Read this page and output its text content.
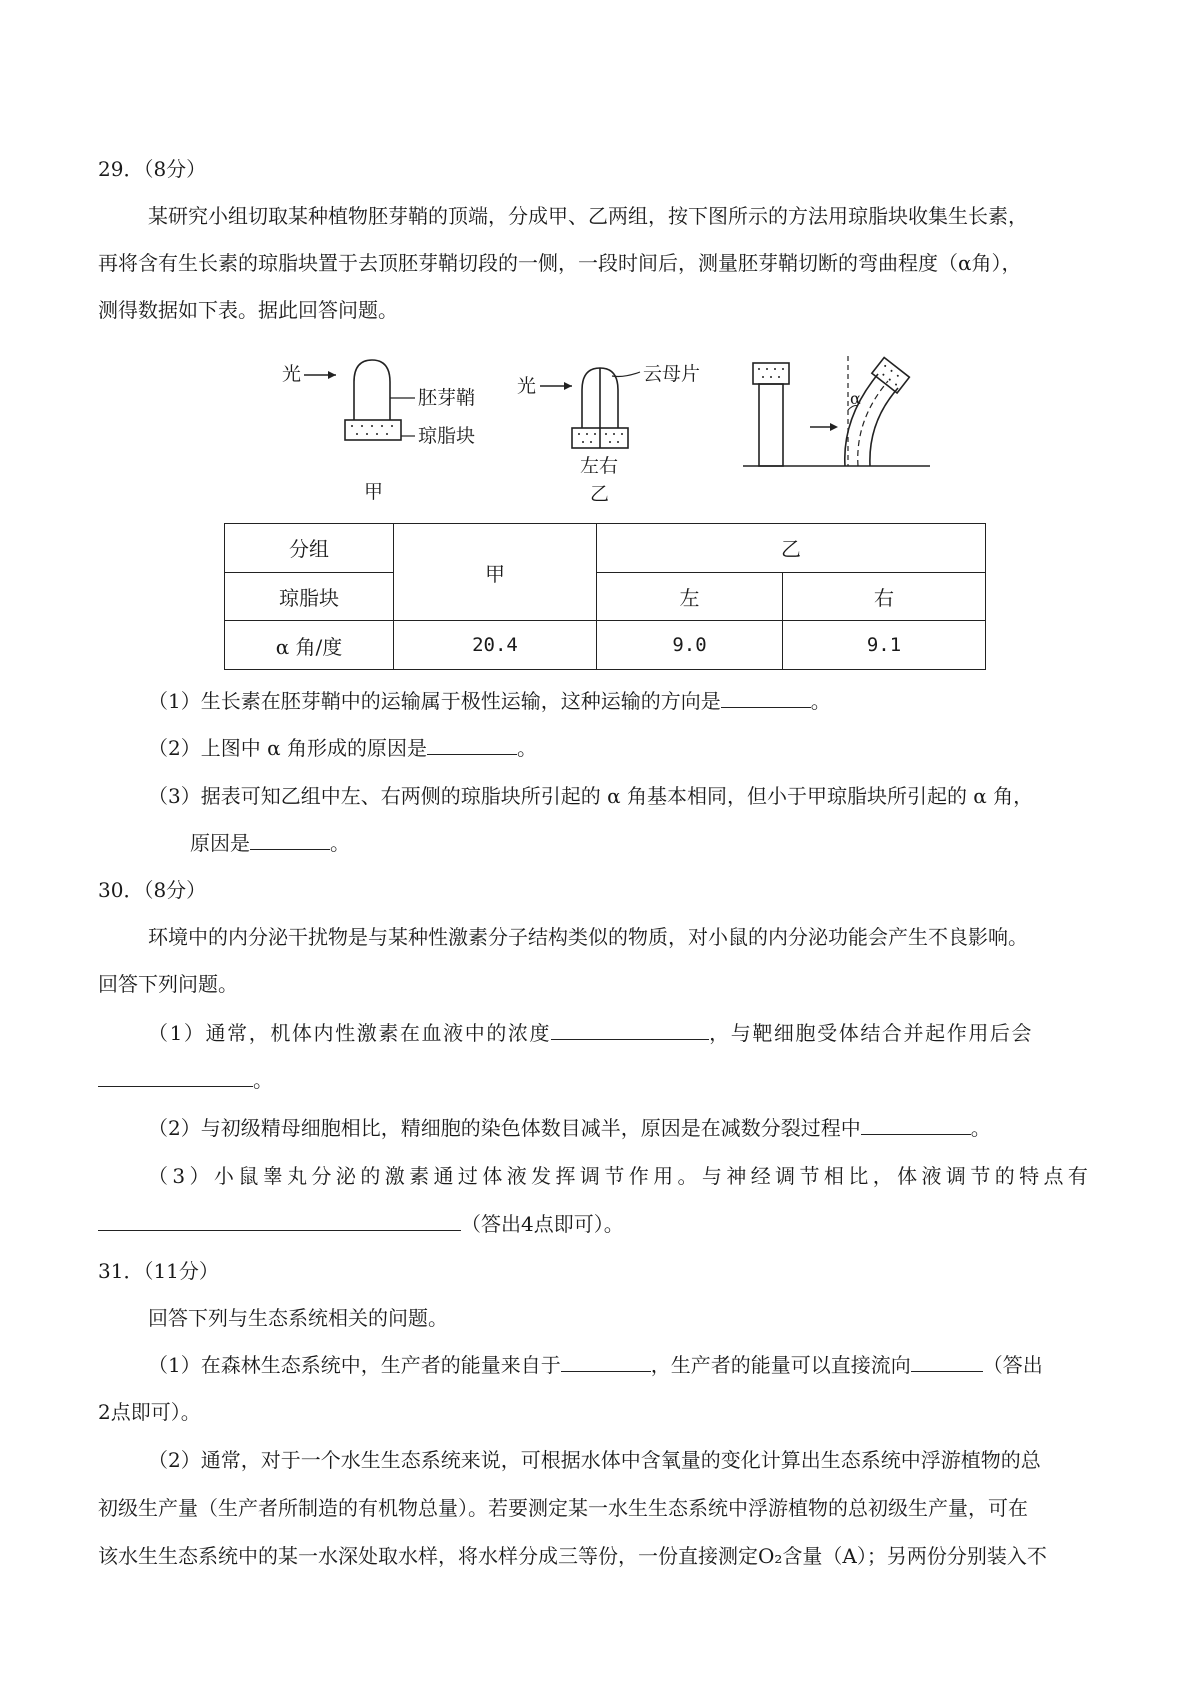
29．（8分）
某研究小组切取某种植物胚芽鞘的顶端，分成甲、乙两组，按下图所示的方法用琼脂块收集生长素，
再将含有生长素的琼脂块置于去顶胚芽鞘切段的一侧，一段时间后，测量胚芽鞘切断的弯曲程度（α角），
测得数据如下表。据此回答问题。
光
胚芽鞘
琼脂块
甲
光
云母片
左右
乙
α
分组	甲	乙	
琼脂块		左	右
α 角/度	20.4	9.0	9.1
（1）生长素在胚芽鞘中的运输属于极性运输，这种运输的方向是	。
（2）上图中 α 角形成的原因是	。
（3）据表可知乙组中左、右两侧的琼脂块所引起的 α 角基本相同，但小于甲琼脂块所引起的 α 角，
原因是	。
30．（8分）
环境中的内分泌干扰物是与某种性激素分子结构类似的物质，对小鼠的内分泌功能会产生不良影响。
回答下列问题。
（1）通常，机体内性激素在血液中的浓度	，与靶细胞受体结合并起作用后会
。
（2）与初级精母细胞相比，精细胞的染色体数目减半，原因是在减数分裂过程中	。
（3）小鼠睾丸分泌的激素通过体液发挥调节作用。与神经调节相比，体液调节的特点有
（答出4点即可）。
31．（11分）
回答下列与生态系统相关的问题。
（1）在森林生态系统中，生产者的能量来自于	，生产者的能量可以直接流向	（答出
2点即可）。
（2）通常，对于一个水生生态系统来说，可根据水体中含氧量的变化计算出生态系统中浮游植物的总
初级生产量（生产者所制造的有机物总量）。若要测定某一水生生态系统中浮游植物的总初级生产量，可在
该水生生态系统中的某一水深处取水样，将水样分成三等份，一份直接测定O₂含量（A）；另两份分别装入不
